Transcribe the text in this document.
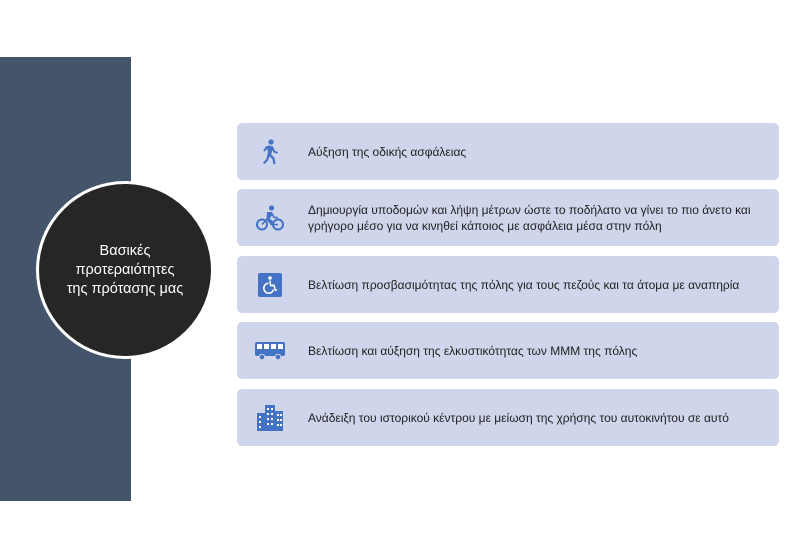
Βασικές προτεραιότητες της πρότασης μας
Αύξηση της οδικής ασφάλειας
Δημιουργία υποδομών και λήψη μέτρων ώστε το ποδήλατο να γίνει το πιο άνετο και γρήγορο μέσο για να κινηθεί κάποιος με ασφάλεια μέσα στην πόλη
Βελτίωση προσβασιμότητας της πόλης για τους πεζούς και τα άτομα με αναπηρία
Βελτίωση και αύξηση της ελκυστικότητας των ΜΜΜ της πόλης
Ανάδειξη του ιστορικού κέντρου με μείωση της χρήσης του αυτοκινήτου σε αυτό
